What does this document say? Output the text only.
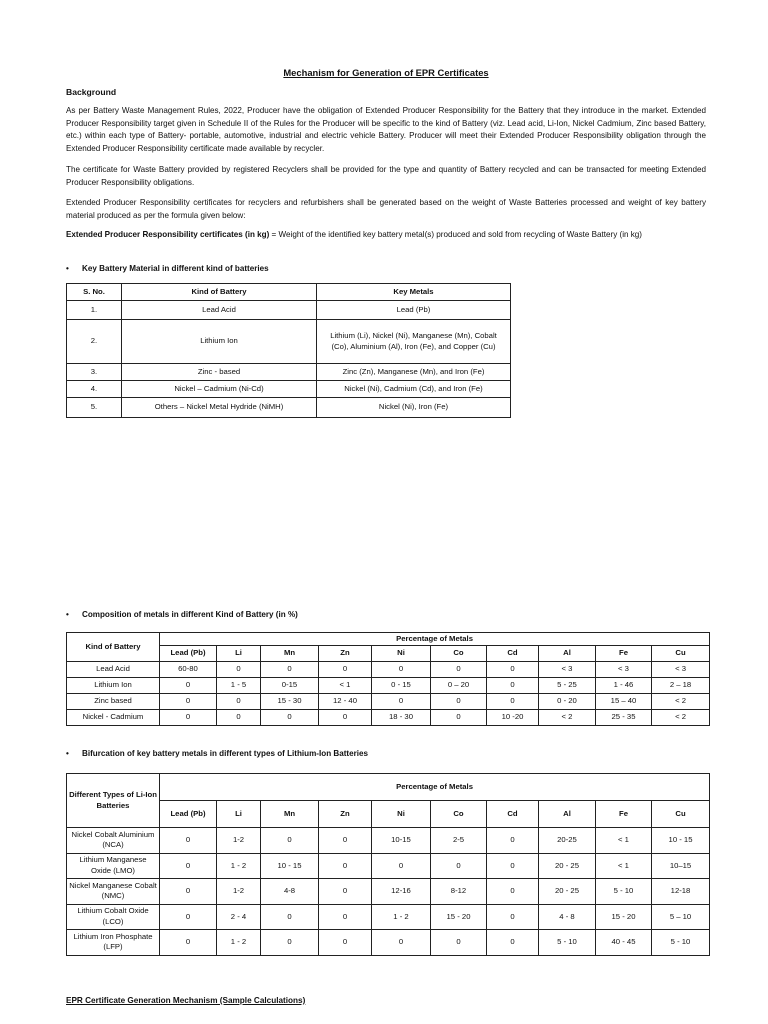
Mechanism for Generation of EPR Certificates
Background
As per Battery Waste Management Rules, 2022, Producer have the obligation of Extended Producer Responsibility for the Battery that they introduce in the market. Extended Producer Responsibility target given in Schedule II of the Rules for the Producer will be specific to the kind of Battery (viz. Lead acid, Li-Ion, Nickel Cadmium, Zinc based Battery, etc.) within each type of Battery- portable, automotive, industrial and electric vehicle Battery. Producer will meet their Extended Producer Responsibility obligation through the Extended Producer Responsibility certificate made available by recycler.
The certificate for Waste Battery provided by registered Recyclers shall be provided for the type and quantity of Battery recycled and can be transacted for meeting Extended Producer Responsibility obligations.
Extended Producer Responsibility certificates for recyclers and refurbishers shall be generated based on the weight of Waste Batteries processed and weight of key battery material produced as per the formula given below:
Extended Producer Responsibility certificates (in kg) = Weight of the identified key battery metal(s) produced and sold from recycling of Waste Battery (in kg)
• Key Battery Material in different kind of batteries
S. No.	Kind of Battery	Key Metals
1.	Lead Acid	Lead (Pb)
2.	Lithium Ion	Lithium (Li), Nickel (Ni), Manganese (Mn), Cobalt (Co), Aluminium (Al), Iron (Fe), and Copper (Cu)
3.	Zinc - based	Zinc (Zn), Manganese (Mn), and Iron (Fe)
4.	Nickel – Cadmium (Ni-Cd)	Nickel (Ni), Cadmium (Cd), and Iron (Fe)
5.	Others – Nickel Metal Hydride (NiMH)	Nickel (Ni), Iron (Fe)
• Composition of metals in different Kind of Battery (in %)
Kind of Battery	Percentage of Metals									
	Lead (Pb)	Li	Mn	Zn	Ni	Co	Cd	Al	Fe	Cu
Lead Acid	60-80	0	0	0	0	0	0	< 3	< 3	< 3
Lithium Ion	0	1 - 5	0-15	< 1	0 - 15	0 – 20	0	5 - 25	1 - 46	2 – 18
Zinc based	0	0	15 - 30	12 - 40	0	0	0	0 - 20	15 – 40	< 2
Nickel - Cadmium	0	0	0	0	18 - 30	0	10 -20	< 2	25 - 35	< 2
• Bifurcation of key battery metals in different types of Lithium-Ion Batteries
Different Types of Li-Ion Batteries	Percentage of Metals									
	Lead (Pb)	Li	Mn	Zn	Ni	Co	Cd	Al	Fe	Cu
Nickel Cobalt Aluminium (NCA)	0	1-2	0	0	10-15	2-5	0	20-25	< 1	10 - 15
Lithium Manganese Oxide (LMO)	0	1 - 2	10 - 15	0	0	0	0	20 - 25	< 1	10–15
Nickel Manganese Cobalt (NMC)	0	1-2	4-8	0	12-16	8-12	0	20 - 25	5 - 10	12-18
Lithium Cobalt Oxide (LCO)	0	2 - 4	0	0	1 - 2	15 - 20	0	4 - 8	15 - 20	5 – 10
Lithium Iron Phosphate (LFP)	0	1 - 2	0	0	0	0	0	5 - 10	40 - 45	5 - 10
EPR Certificate Generation Mechanism (Sample Calculations)
